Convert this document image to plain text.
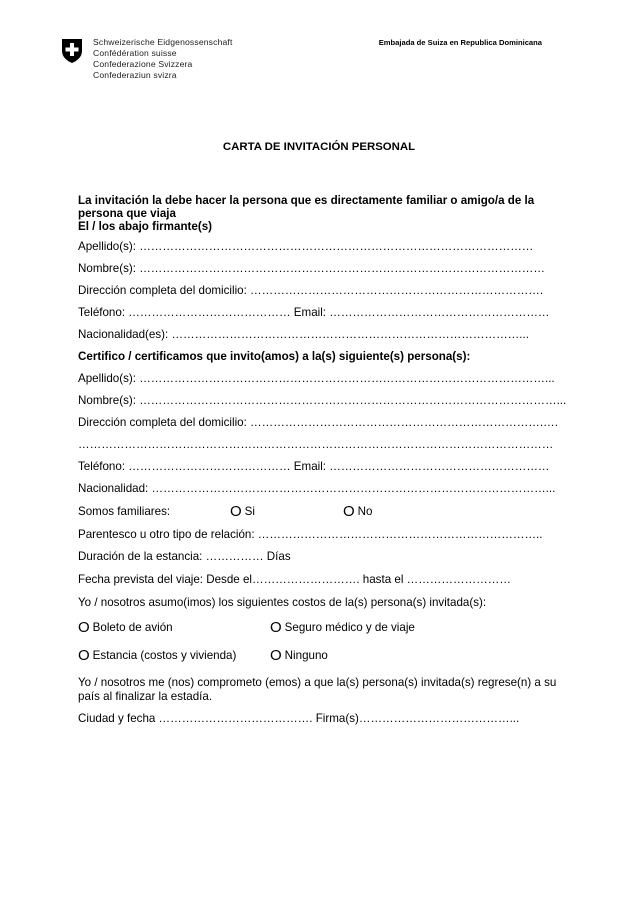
Schweizerische Eidgenossenschaft
Confédération suisse
Confederazione Svizzera
Confederaziun svizra
Embajada de Suiza en Republica Dominicana
CARTA DE INVITACIÓN PERSONAL
La invitación la debe hacer la persona que es directamente familiar o amigo/a de la
persona que viaja
El / los abajo firmante(s)
Apellido(s): …………………………………………………………………………………………
Nombre(s): ……………………………………………………………………………………………
Dirección completa del domicilio: ………………………………………………………………….
Teléfono: …………………………………… Email: …………………………………………………
Nacionalidad(es): ………………………………………………………………………………...
Certifico / certificamos que invito(amos) a la(s) siguiente(s) persona(s):
Apellido(s): ……………………………………………………………………………………………...
Nombre(s): ………………………………………………………………………………………………...
Dirección completa del domicilio: ………………………………………………………………….….
……………………………………………………………………………………………………………
Teléfono: …………………………………… Email: …………………………………………………
Nacionalidad: …………………………………………………………………………………………...
Somos familiares:	O Si	O No
Parentesco u otro tipo de relación: ………………………………………………………………..
Duración de la estancia: …………… Días
Fecha prevista del viaje: Desde el………………………. hasta el ………………………
Yo / nosotros asumo(imos) los siguientes costos de la(s) persona(s) invitada(s):
O Boleto de avión	O Seguro médico y de viaje
O Estancia (costos y vivienda) O Ninguno
Yo / nosotros me (nos) comprometo (emos) a que la(s) persona(s) invitada(s) regrese(n) a su país al finalizar la estadía.
Ciudad y fecha …………………………………. Firma(s)…………………………………...
